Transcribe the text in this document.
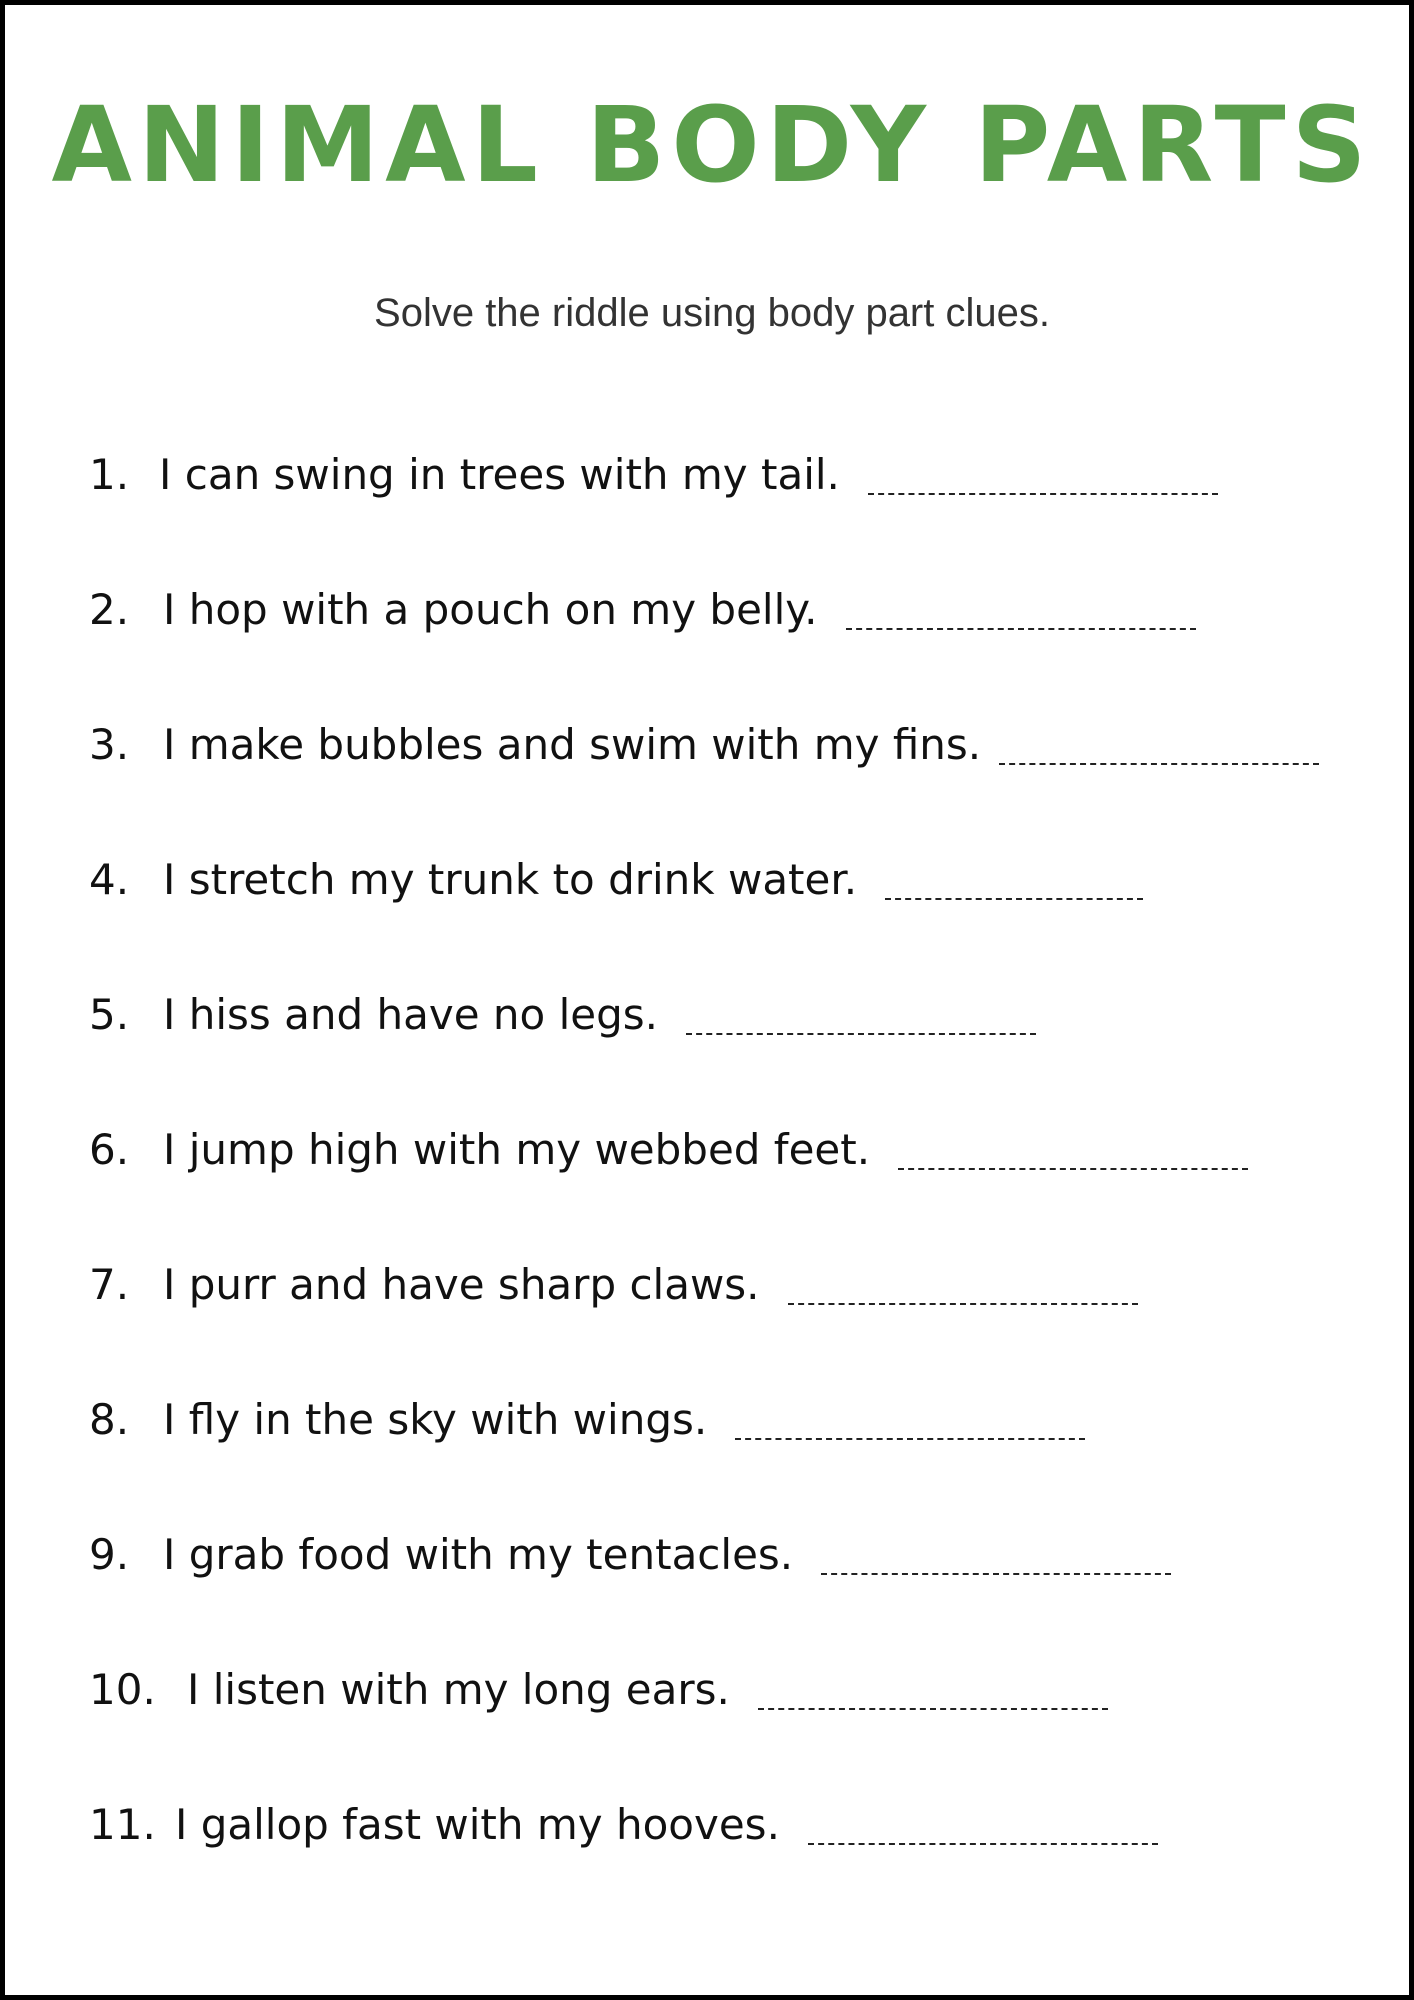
ANIMAL BODY PARTS
Solve the riddle using body part clues.
1. I can swing in trees with my tail.
2. I hop with a pouch on my belly.
3. I make bubbles and swim with my fins.
4. I stretch my trunk to drink water.
5. I hiss and have no legs.
6. I jump high with my webbed feet.
7. I purr and have sharp claws.
8. I fly in the sky with wings.
9. I grab food with my tentacles.
10. I listen with my long ears.
11. I gallop fast with my hooves.
